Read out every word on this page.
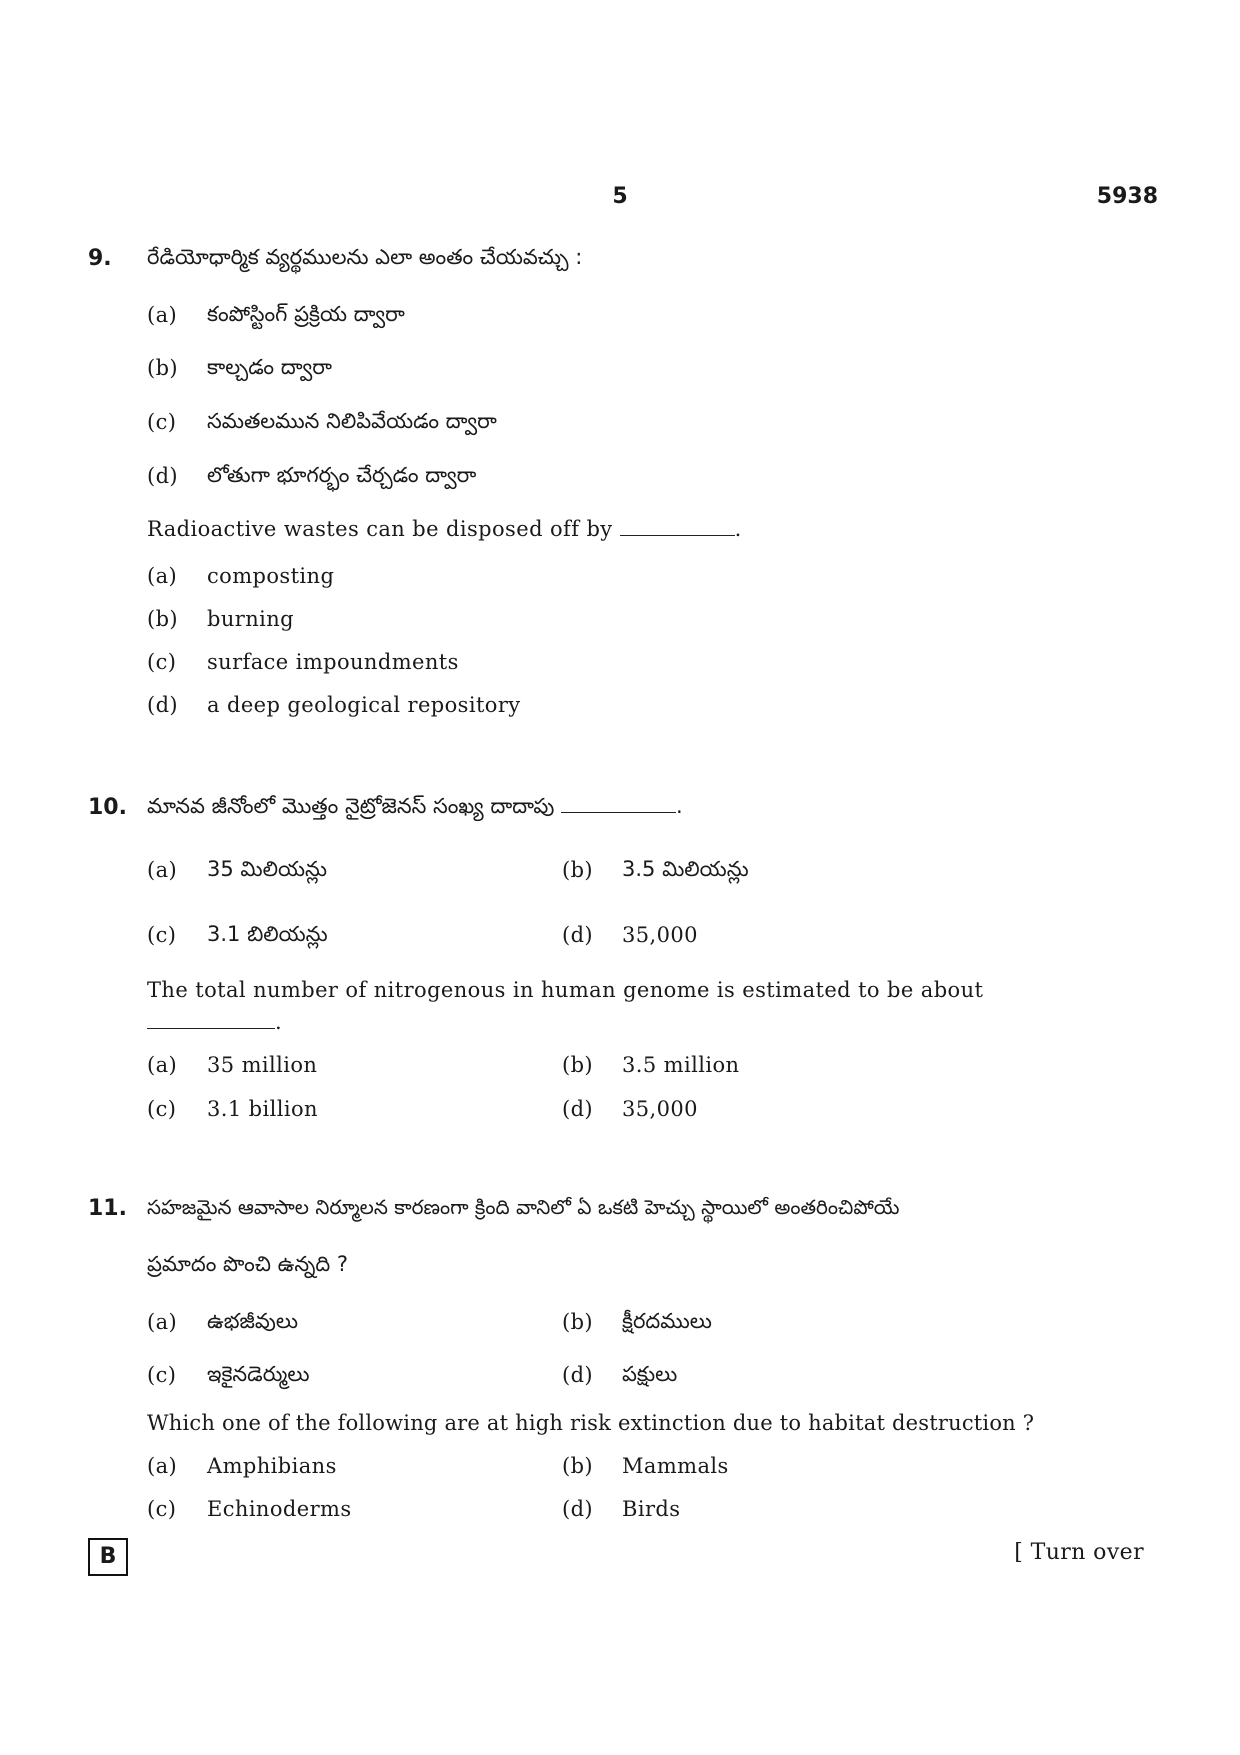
5	5938
9. రేడియోధార్మిక వ్యర్థములను ఎలా అంతం చేయవచ్చు :
(a) కంపోస్టింగ్ ప్రక్రియ ద్వారా
(b) కాల్చడం ద్వారా
(c) సమతలమున నిలిపివేయడం ద్వారా
(d) లోతుగా భూగర్భం చేర్చడం ద్వారా
Radioactive wastes can be disposed off by	.
(a) composting
(b) burning
(c) surface impoundments
(d) a deep geological repository
10. మానవ జీనోంలో మొత్తం నైట్రోజెనస్ సంఖ్య దాదాపు	.
(a) 35 మిలియన్లు	(b) 3.5 మిలియన్లు
(c) 3.1 బిలియన్లు	(d) 35,000
The total number of nitrogenous in human genome is estimated to be about
.
(a) 35 million	(b) 3.5 million
(c) 3.1 billion	(d) 35,000
11. సహజమైన ఆవాసాల నిర్మూలన కారణంగా క్రింది వానిలో ఏ ఒకటి హెచ్చు స్థాయిలో అంతరించిపోయే
ప్రమాదం పొంచి ఉన్నది ?
(a) ఉభజీవులు	(b) క్షీరదములు
(c) ఇకైనడెర్ములు	(d) పక్షులు
Which one of the following are at high risk extinction due to habitat destruction ?
(a) Amphibians	(b) Mammals
(c) Echinoderms	(d) Birds
B	[ Turn over
